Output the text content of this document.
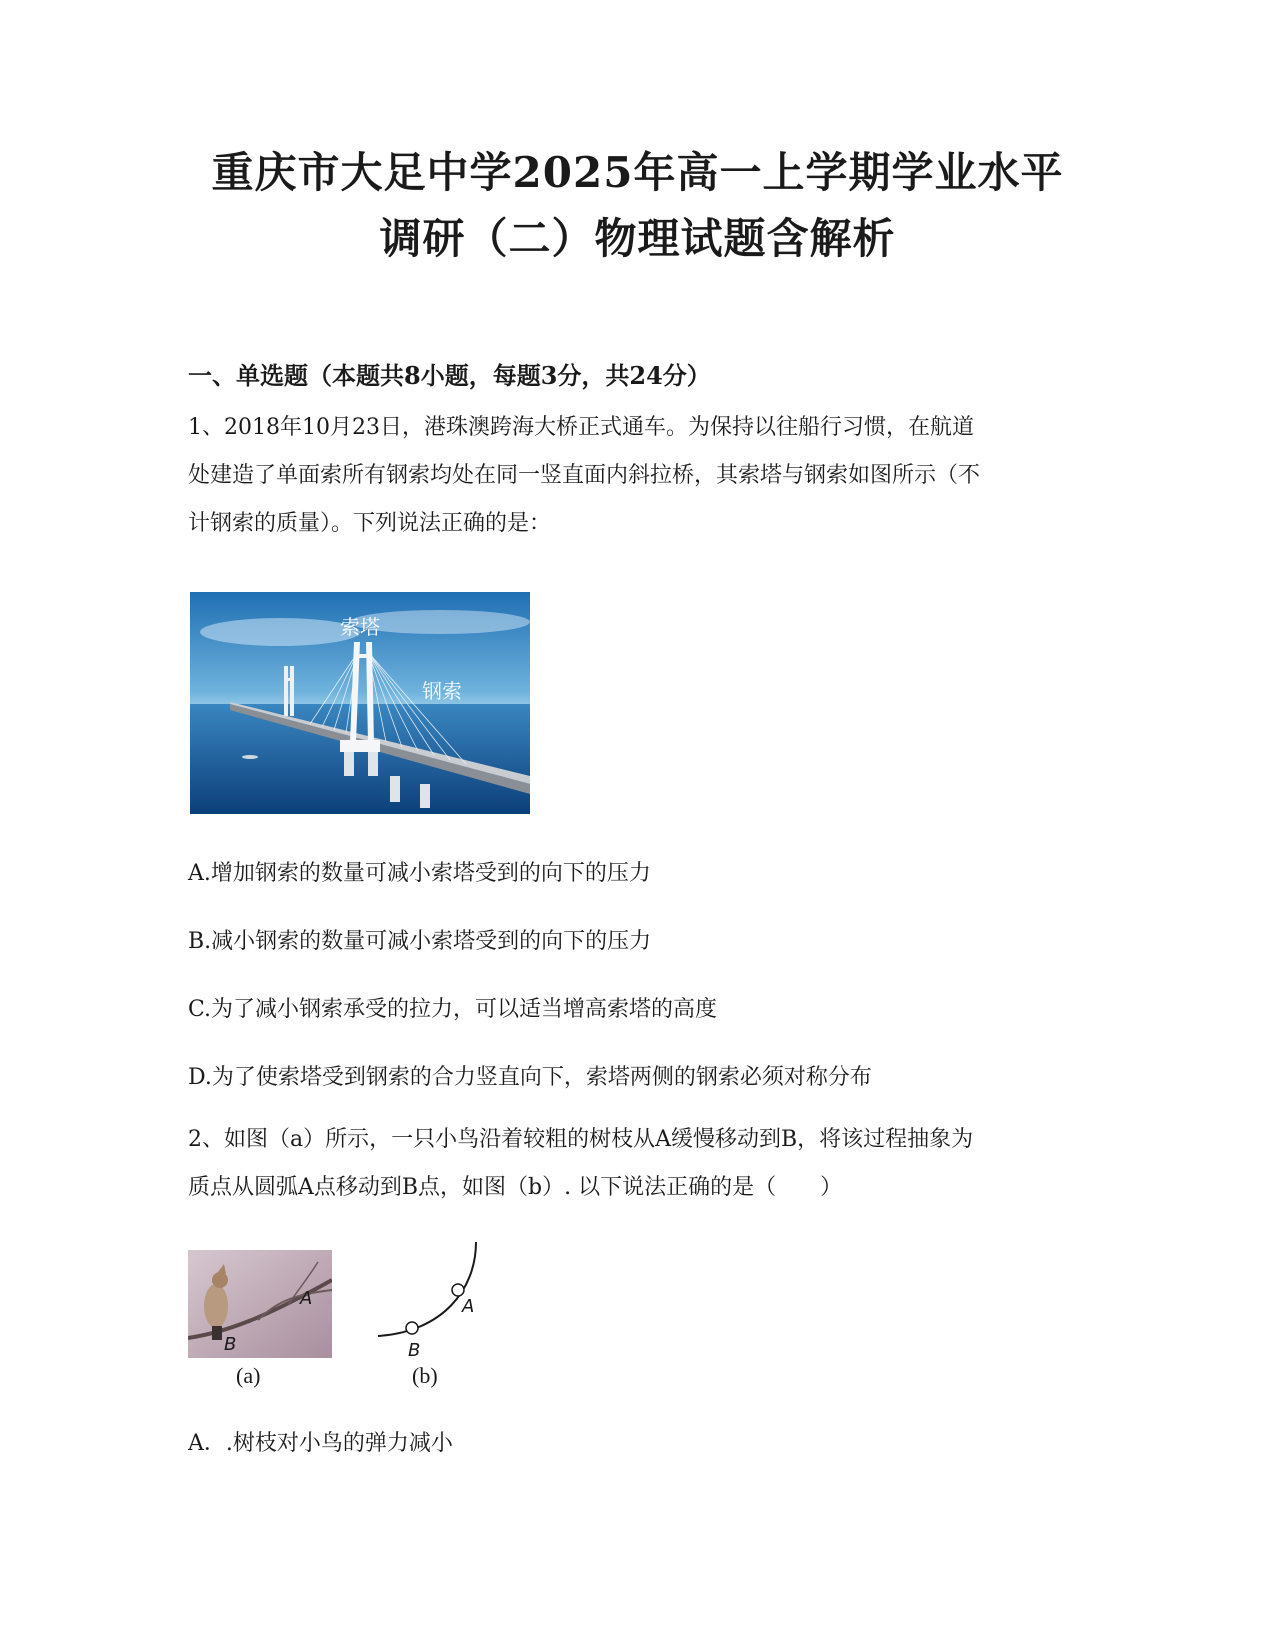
重庆市大足中学2025年高一上学期学业水平
调研（二）物理试题含解析
一、单选题（本题共8小题，每题3分，共24分）
1、2018年10月23日，港珠澳跨海大桥正式通车。为保持以往船行习惯，在航道
处建造了单面索所有钢索均处在同一竖直面内斜拉桥，其索塔与钢索如图所示（不
计钢索的质量）。下列说法正确的是：
索塔
钢索
A.增加钢索的数量可减小索塔受到的向下的压力
B.减小钢索的数量可减小索塔受到的向下的压力
C.为了减小钢索承受的拉力，可以适当增高索塔的高度
D.为了使索塔受到钢索的合力竖直向下，索塔两侧的钢索必须对称分布
2、如图（a）所示，一只小鸟沿着较粗的树枝从A缓慢移动到B，将该过程抽象为
质点从圆弧A点移动到B点，如图（b）. 以下说法正确的是（　　）
A
B
A
B
(a)	(b)
A．.树枝对小鸟的弹力减小
